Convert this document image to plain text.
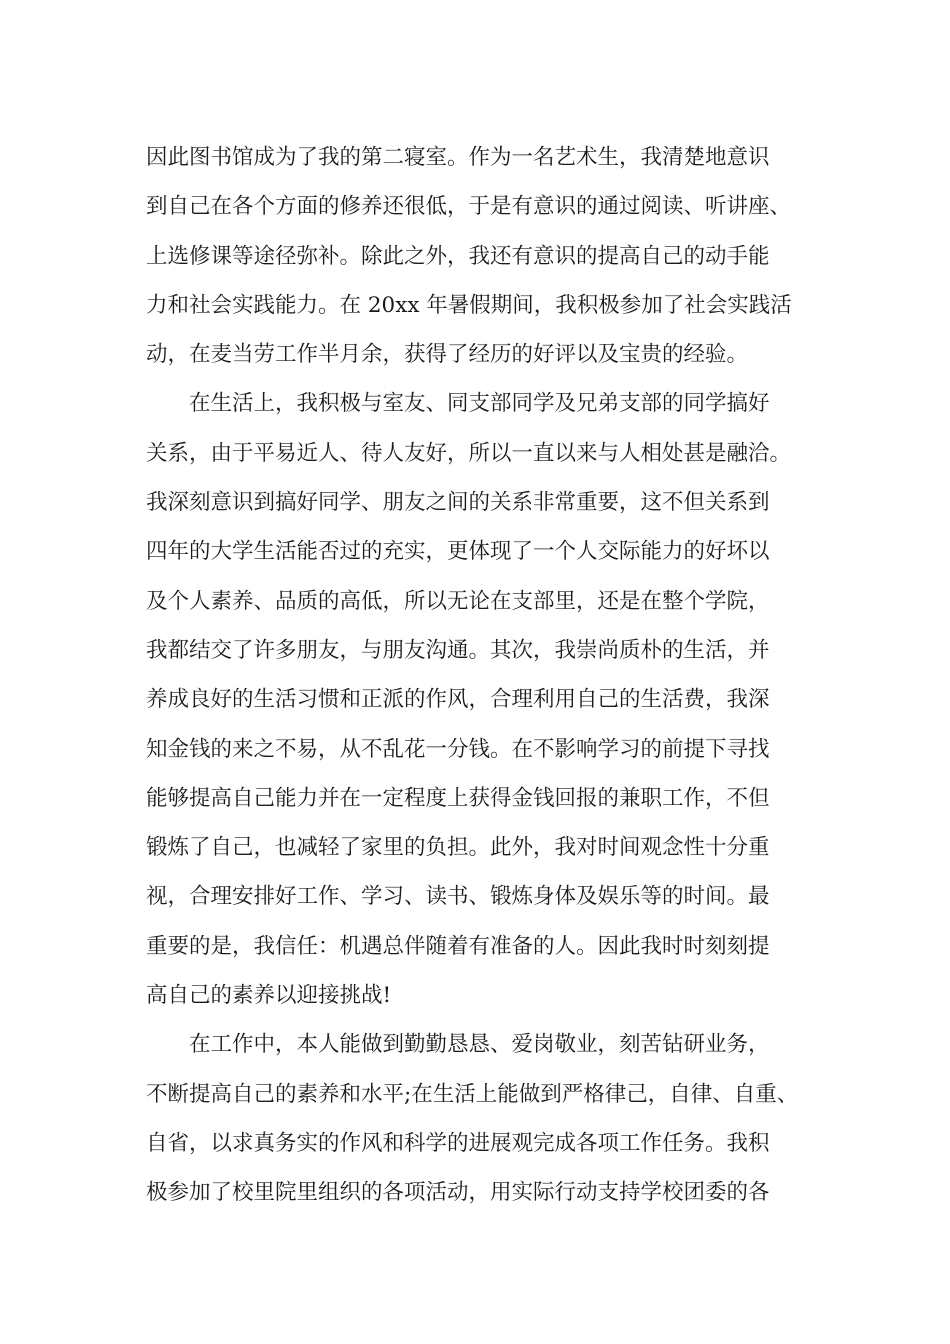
因此图书馆成为了我的第二寝室。作为一名艺术生，我清楚地意识
到自己在各个方面的修养还很低，于是有意识的通过阅读、听讲座、
上选修课等途径弥补。除此之外，我还有意识的提高自己的动手能
力和社会实践能力。在 20xx 年暑假期间，我积极参加了社会实践活
动，在麦当劳工作半月余，获得了经历的好评以及宝贵的经验。
在生活上，我积极与室友、同支部同学及兄弟支部的同学搞好
关系，由于平易近人、待人友好，所以一直以来与人相处甚是融洽。
我深刻意识到搞好同学、朋友之间的关系非常重要，这不但关系到
四年的大学生活能否过的充实，更体现了一个人交际能力的好坏以
及个人素养、品质的高低，所以无论在支部里，还是在整个学院，
我都结交了许多朋友，与朋友沟通。其次，我崇尚质朴的生活，并
养成良好的生活习惯和正派的作风，合理利用自己的生活费，我深
知金钱的来之不易，从不乱花一分钱。在不影响学习的前提下寻找
能够提高自己能力并在一定程度上获得金钱回报的兼职工作，不但
锻炼了自己，也减轻了家里的负担。此外，我对时间观念性十分重
视，合理安排好工作、学习、读书、锻炼身体及娱乐等的时间。最
重要的是，我信任：机遇总伴随着有准备的人。因此我时时刻刻提
高自己的素养以迎接挑战!
在工作中，本人能做到勤勤恳恳、爱岗敬业，刻苦钻研业务，
不断提高自己的素养和水平;在生活上能做到严格律己，自律、自重、
自省，以求真务实的作风和科学的进展观完成各项工作任务。我积
极参加了校里院里组织的各项活动，用实际行动支持学校团委的各
